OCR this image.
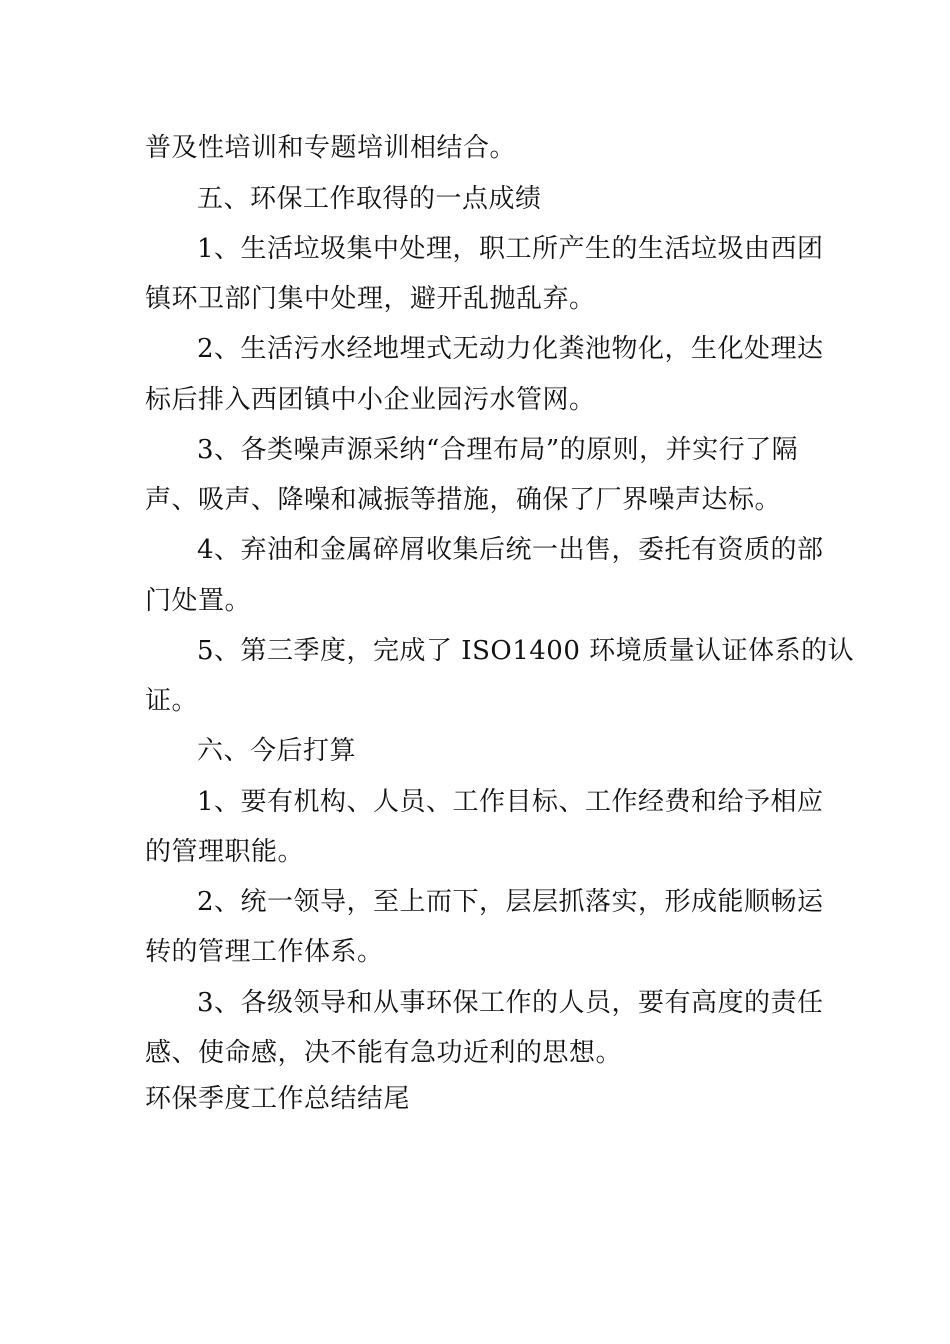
普及性培训和专题培训相结合。
五、环保工作取得的一点成绩
1、生活垃圾集中处理，职工所产生的生活垃圾由西团
镇环卫部门集中处理，避开乱抛乱弃。
2、生活污水经地埋式无动力化粪池物化，生化处理达
标后排入西团镇中小企业园污水管网。
3、各类噪声源采纳“合理布局”的原则，并实行了隔
声、吸声、降噪和减振等措施，确保了厂界噪声达标。
4、弃油和金属碎屑收集后统一出售，委托有资质的部
门处置。
5、第三季度，完成了 ISO1400 环境质量认证体系的认
证。
六、今后打算
1、要有机构、人员、工作目标、工作经费和给予相应
的管理职能。
2、统一领导，至上而下，层层抓落实，形成能顺畅运
转的管理工作体系。
3、各级领导和从事环保工作的人员，要有高度的责任
感、使命感，决不能有急功近利的思想。
环保季度工作总结结尾
